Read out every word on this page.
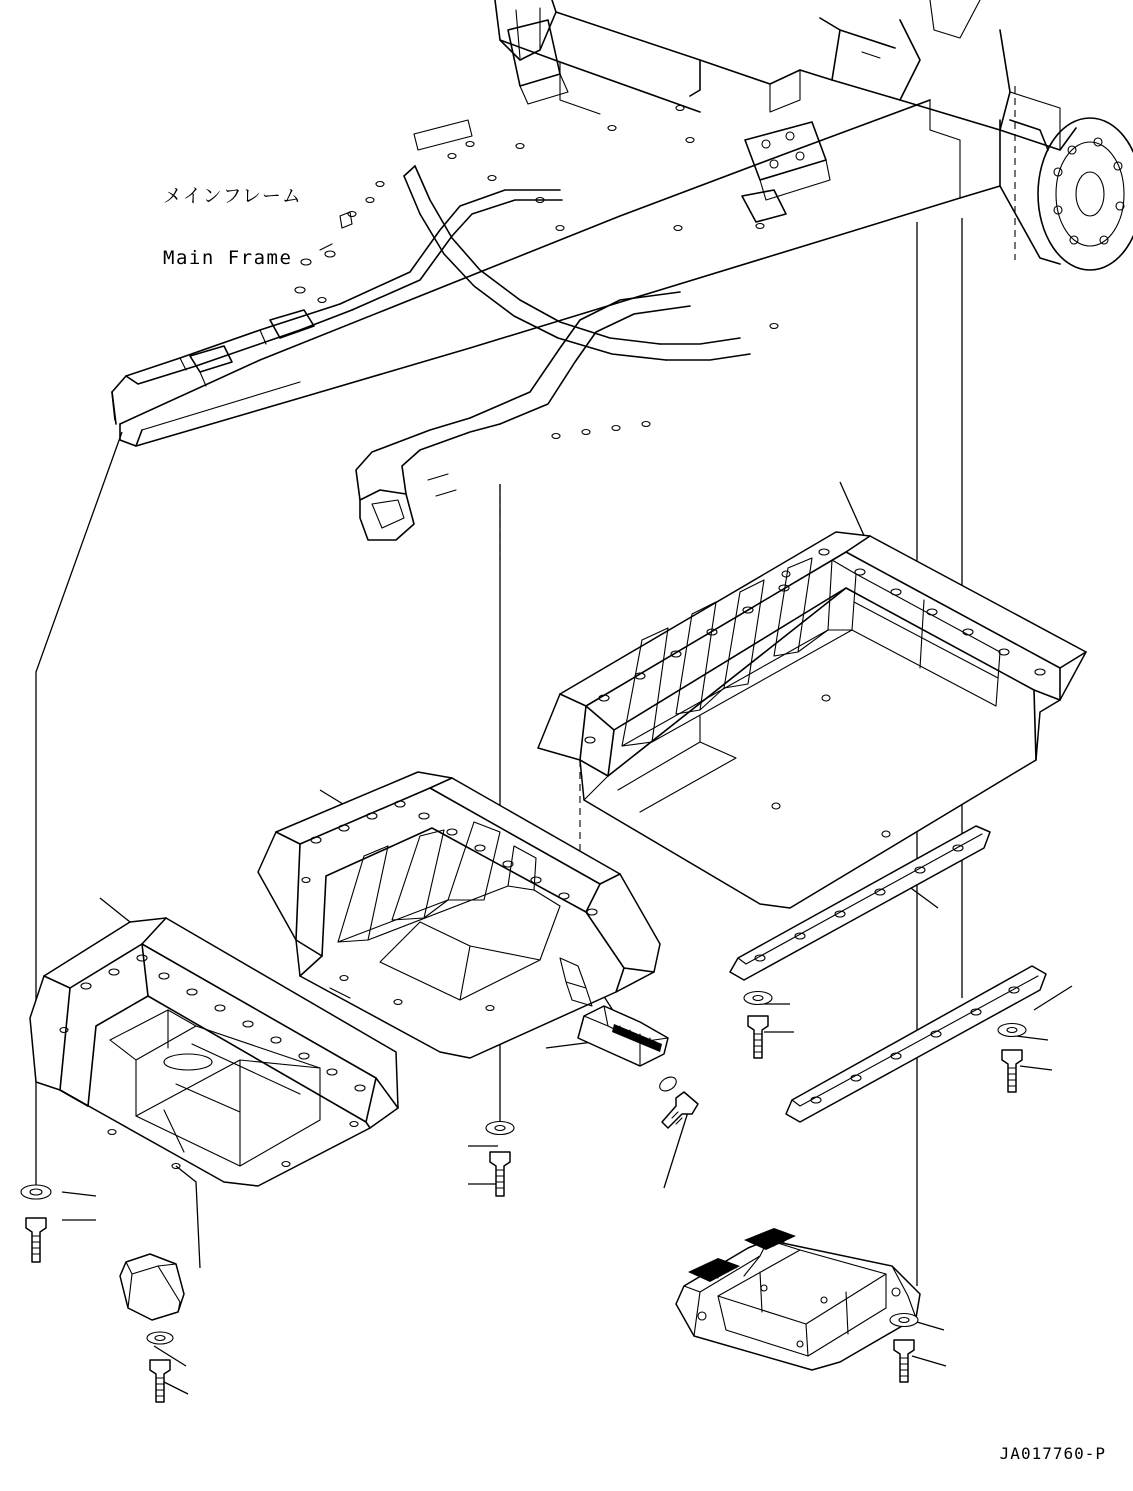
メインフレーム

Main Frame

JA017760-P
